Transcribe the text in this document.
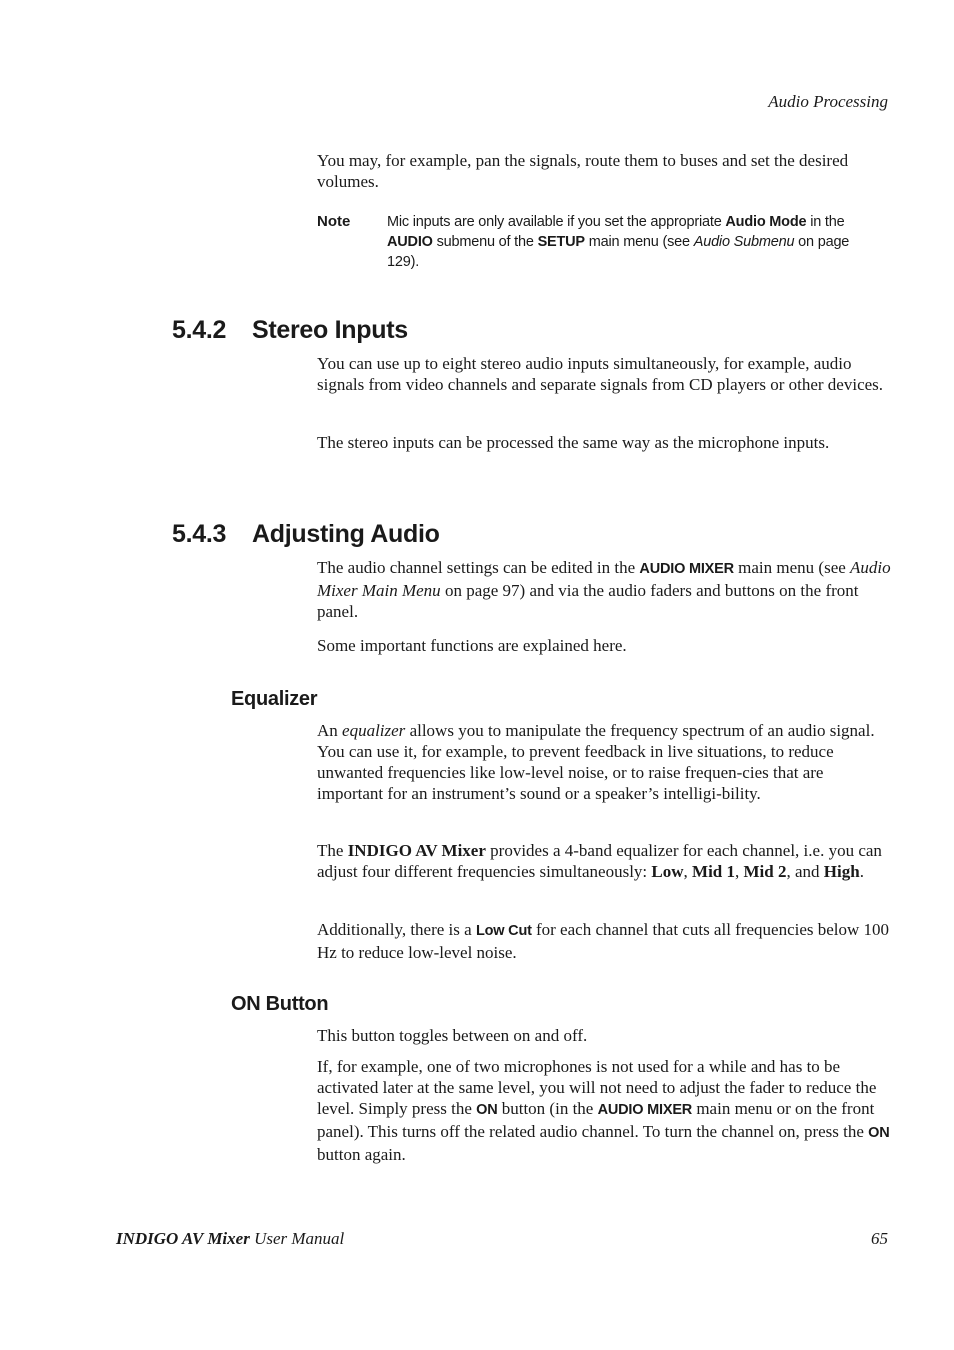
Audio Processing

You may, for example, pan the signals, route them to buses and set the desired volumes.

Note	Mic inputs are only available if you set the appropriate Audio Mode in the AUDIO submenu of the SETUP main menu (see Audio Submenu on page 129).

5.4.2 Stereo Inputs

You can use up to eight stereo audio inputs simultaneously, for example, audio signals from video channels and separate signals from CD players or other devices.

The stereo inputs can be processed the same way as the microphone inputs.

5.4.3 Adjusting Audio

The audio channel settings can be edited in the AUDIO MIXER main menu (see Audio Mixer Main Menu on page 97) and via the audio faders and buttons on the front panel.

Some important functions are explained here.

Equalizer

An equalizer allows you to manipulate the frequency spectrum of an audio signal. You can use it, for example, to prevent feedback in live situations, to reduce unwanted frequencies like low-level noise, or to raise frequen-cies that are important for an instrument’s sound or a speaker’s intelligi-bility.

The INDIGO AV Mixer provides a 4-band equalizer for each channel, i.e. you can adjust four different frequencies simultaneously: Low, Mid 1, Mid 2, and High.

Additionally, there is a Low Cut for each channel that cuts all frequencies below 100 Hz to reduce low-level noise.

ON Button

This button toggles between on and off.

If, for example, one of two microphones is not used for a while and has to be activated later at the same level, you will not need to adjust the fader to reduce the level. Simply press the ON button (in the AUDIO MIXER main menu or on the front panel). This turns off the related audio channel. To turn the channel on, press the ON button again.

INDIGO AV Mixer User Manual	65
